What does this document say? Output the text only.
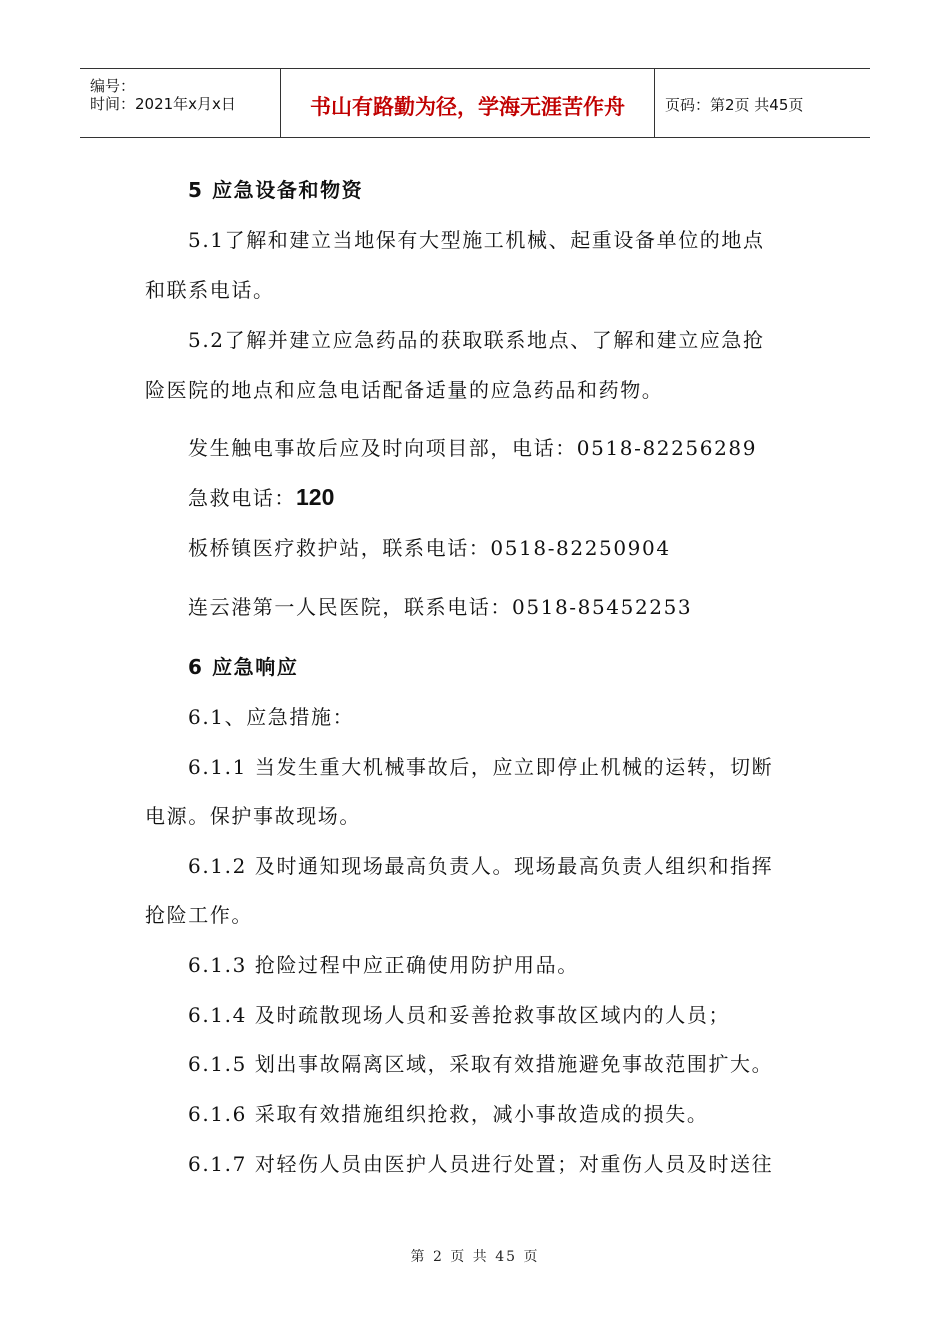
编号：
时间：2021年x月x日	书山有路勤为径，学海无涯苦作舟	页码：第2页 共45页
5 应急设备和物资
5.1了解和建立当地保有大型施工机械、起重设备单位的地点
和联系电话。
5.2了解并建立应急药品的获取联系地点、了解和建立应急抢
险医院的地点和应急电话配备适量的应急药品和药物。
发生触电事故后应及时向项目部，电话：0518-82256289
急救电话：120
板桥镇医疗救护站，联系电话：0518-82250904
连云港第一人民医院，联系电话：0518-85452253
6 应急响应
6.1、应急措施：
6.1.1 当发生重大机械事故后，应立即停止机械的运转，切断
电源。保护事故现场。
6.1.2 及时通知现场最高负责人。现场最高负责人组织和指挥
抢险工作。
6.1.3 抢险过程中应正确使用防护用品。
6.1.4 及时疏散现场人员和妥善抢救事故区域内的人员；
6.1.5 划出事故隔离区域，采取有效措施避免事故范围扩大。
6.1.6 采取有效措施组织抢救，减小事故造成的损失。
6.1.7 对轻伤人员由医护人员进行处置；对重伤人员及时送往
第 2 页 共 45 页
